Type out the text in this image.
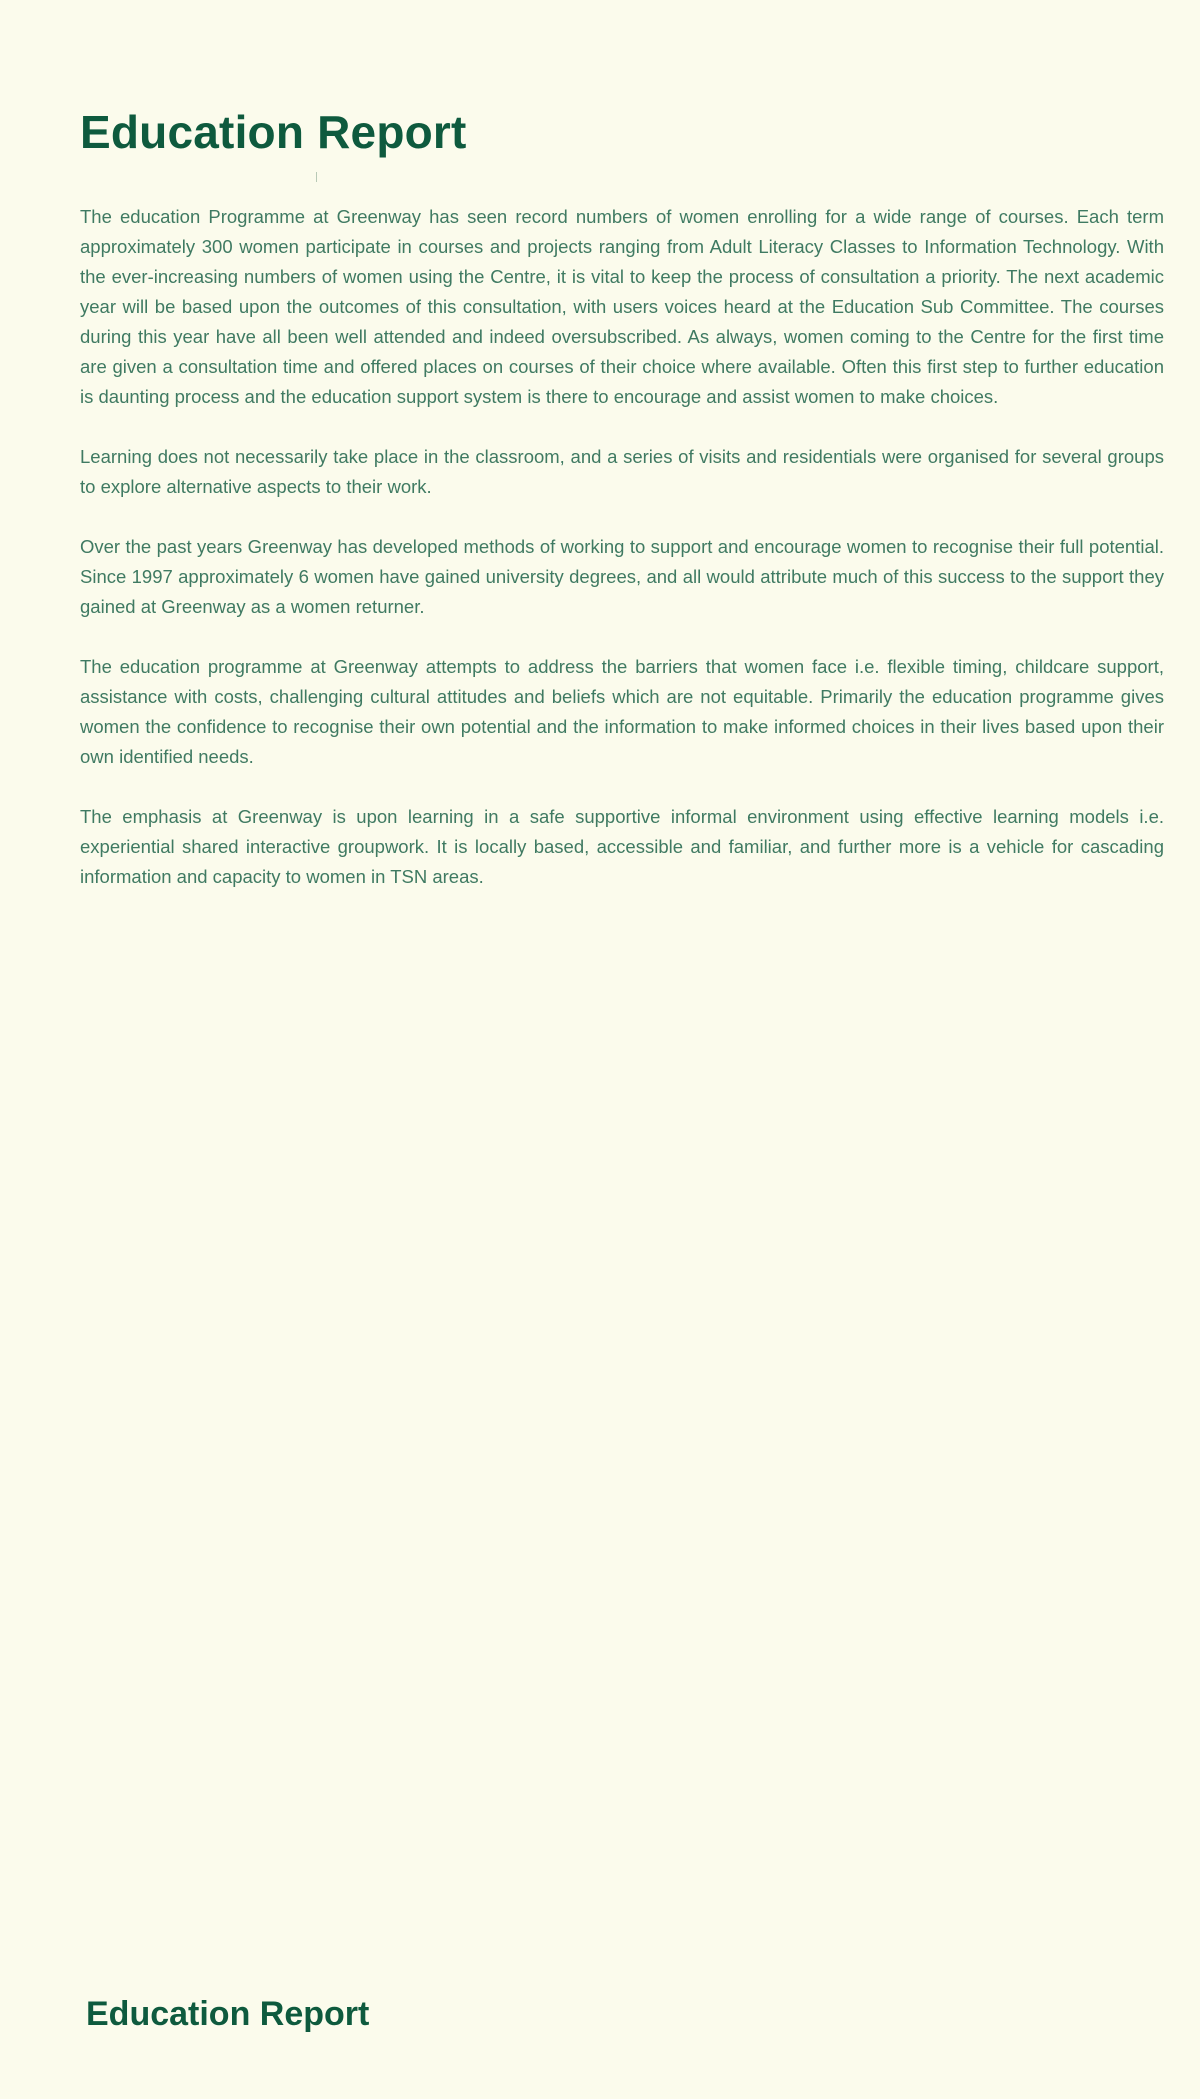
Education Report

The education Programme at Greenway has seen record numbers of women enrolling for a wide range of courses. Each term approximately 300 women participate in courses and projects ranging from Adult Literacy Classes to Information Technology. With the ever-increasing numbers of women using the Centre, it is vital to keep the process of consultation a priority. The next academic year will be based upon the outcomes of this consultation, with users voices heard at the Education Sub Committee. The courses during this year have all been well attended and indeed oversubscribed. As always, women coming to the Centre for the first time are given a consultation time and offered places on courses of their choice where available. Often this first step to further education is daunting process and the education support system is there to encourage and assist women to make choices.

Learning does not necessarily take place in the classroom, and a series of visits and residentials were organised for several groups to explore alternative aspects to their work.

Over the past years Greenway has developed methods of working to support and encourage women to recognise their full potential. Since 1997 approximately 6 women have gained university degrees, and all would attribute much of this success to the support they gained at Greenway as a women returner.

The education programme at Greenway attempts to address the barriers that women face i.e. flexible timing, childcare support, assistance with costs, challenging cultural attitudes and beliefs which are not equitable. Primarily the education programme gives women the confidence to recognise their own potential and the information to make informed choices in their lives based upon their own identified needs.

The emphasis at Greenway is upon learning in a safe supportive informal environment using effective learning models i.e. experiential shared interactive groupwork. It is locally based, accessible and familiar, and further more is a vehicle for cascading information and capacity to women in TSN areas.

Education Report
